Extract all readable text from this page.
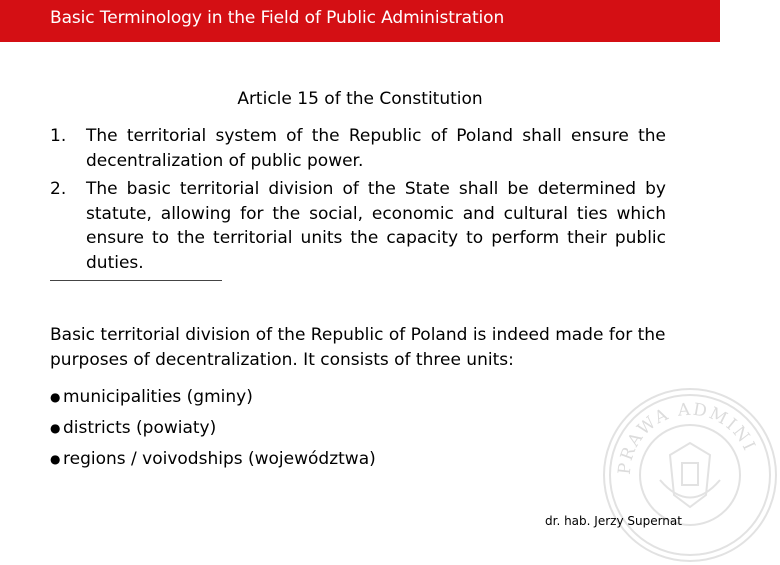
Basic Terminology in the Field of Public Administration
Article 15 of the Constitution
1. The territorial system of the Republic of Poland shall ensure the decentralization of public power.
2. The basic territorial division of the State shall be determined by statute, allowing for the social, economic and cultural ties which ensure to the territorial units the capacity to perform their public duties.
Basic territorial division of the Republic of Poland is indeed made for the purposes of decentralization. It consists of three units:
● municipalities (gminy)
● districts (powiaty)
● regions / voivodships (województwa)	PRAWA ADMINI
dr. hab. Jerzy Supernat
